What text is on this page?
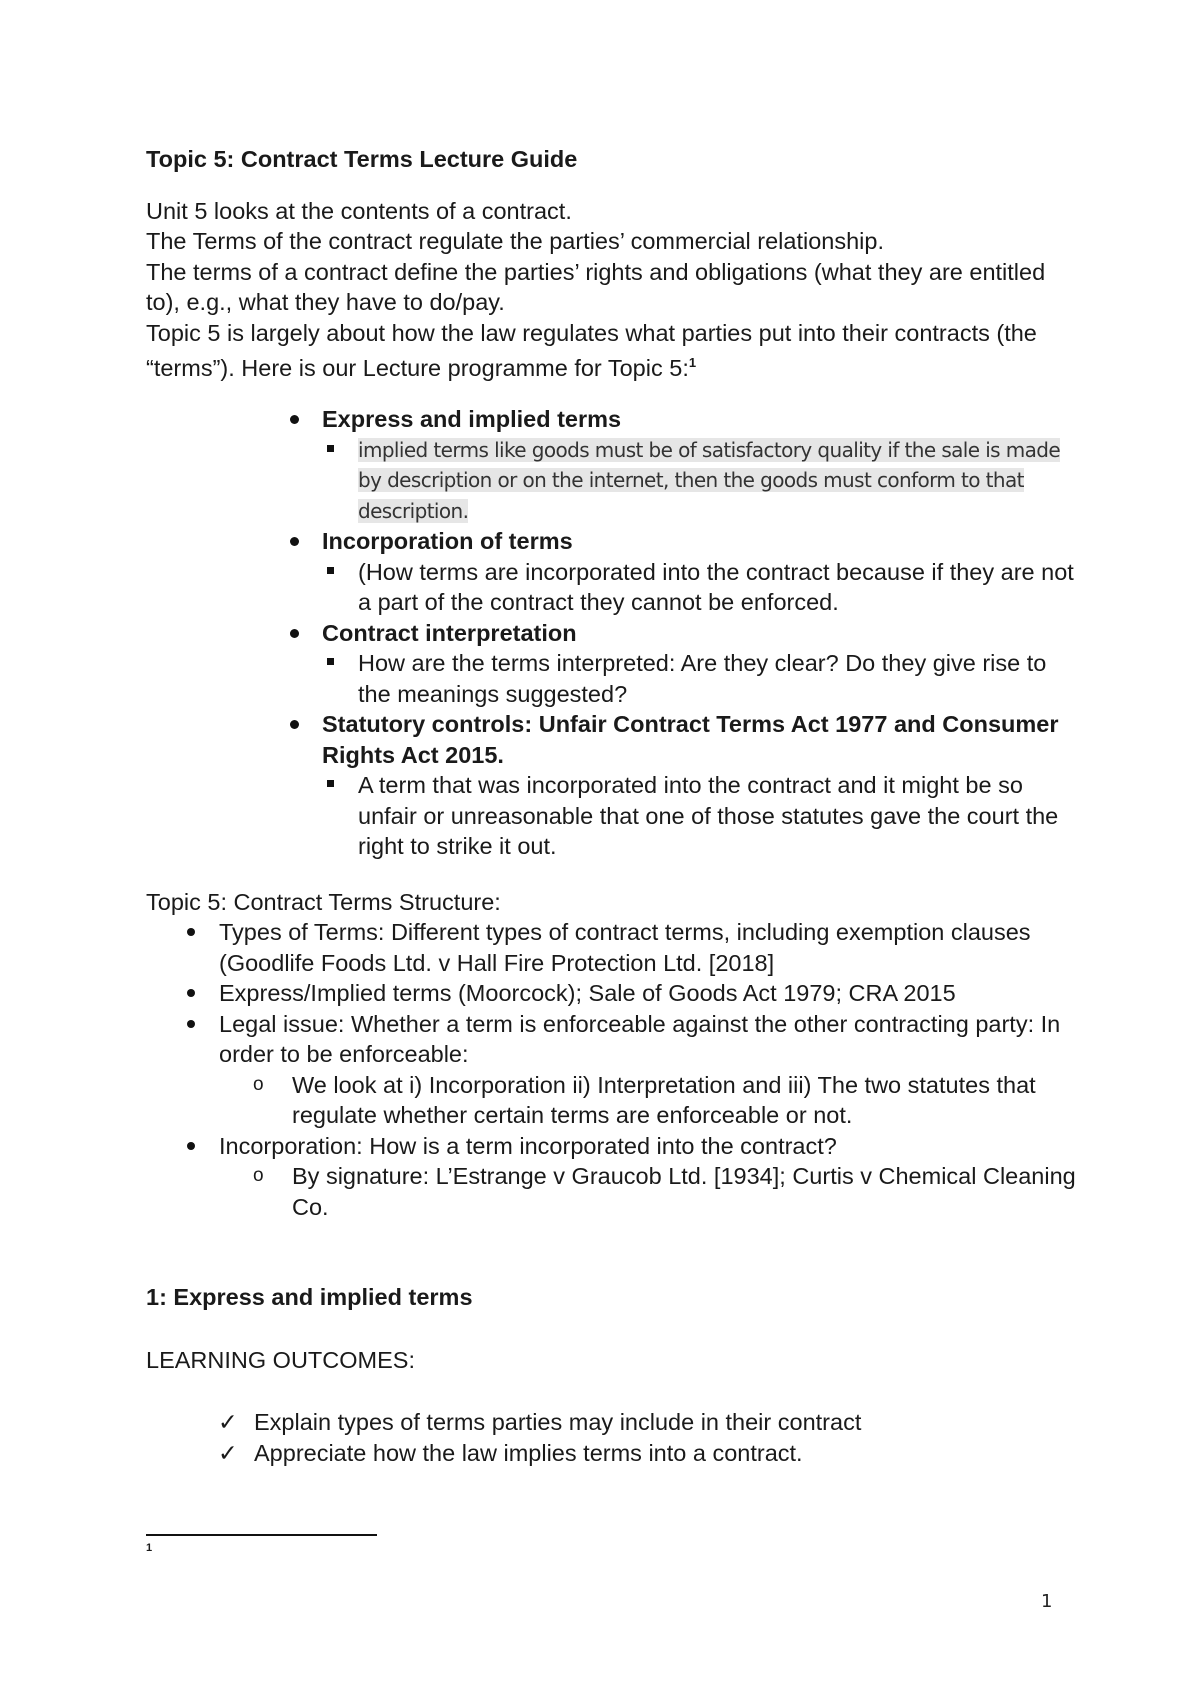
Topic 5: Contract Terms Lecture Guide

Unit 5 looks at the contents of a contract.

The Terms of the contract regulate the parties’ commercial relationship.

The terms of a contract define the parties’ rights and obligations (what they are entitled to), e.g., what they have to do/pay.

Topic 5 is largely about how the law regulates what parties put into their contracts (the “terms”). Here is our Lecture programme for Topic 5:$^1$

Express and implied terms
implied terms like goods must be of satisfactory quality if the sale is made by description or on the internet, then the goods must conform to that description.
Incorporation of terms
(How terms are incorporated into the contract because if they are not a part of the contract they cannot be enforced.
Contract interpretation
How are the terms interpreted: Are they clear? Do they give rise to the meanings suggested?
Statutory controls: Unfair Contract Terms Act 1977 and Consumer Rights Act 2015.
A term that was incorporated into the contract and it might be so unfair or unreasonable that one of those statutes gave the court the right to strike it out.

Topic 5: Contract Terms Structure:

Types of Terms: Different types of contract terms, including exemption clauses (Goodlife Foods Ltd. v Hall Fire Protection Ltd. [2018]
Express/Implied terms (Moorcock); Sale of Goods Act 1979; CRA 2015
Legal issue: Whether a term is enforceable against the other contracting party: In order to be enforceable:
o We look at i) Incorporation ii) Interpretation and iii) The two statutes that regulate whether certain terms are enforceable or not.
Incorporation: How is a term incorporated into the contract?
o By signature: L’Estrange v Graucob Ltd. [1934]; Curtis v Chemical Cleaning Co.

1: Express and implied terms

LEARNING OUTCOMES:

✓ Explain types of terms parties may include in their contract
✓ Appreciate how the law implies terms into a contract.
1
1
